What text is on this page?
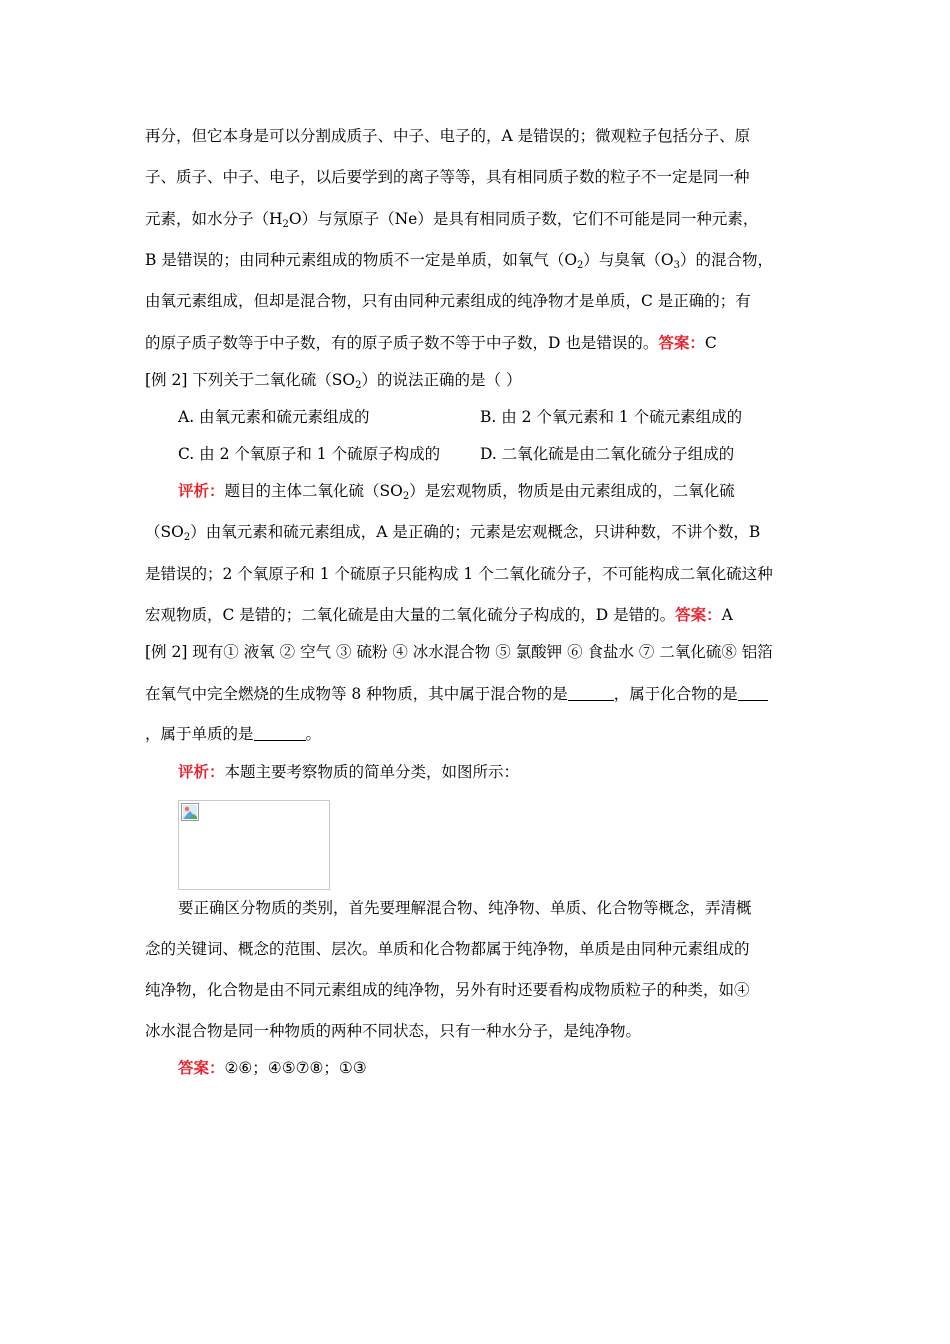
再分，但它本身是可以分割成质子、中子、电子的，A 是错误的；微观粒子包括分子、原
子、质子、中子、电子，以后要学到的离子等等，具有相同质子数的粒子不一定是同一种
元素，如水分子$(H_2O)$与氖原子（Ne）是具有相同质子数，它们不可能是同一种元素，
B 是错误的；由同种元素组成的物质不一定是单质，如氧气$(O_2)$与臭氧$(O_3)$的混合物，
由氧元素组成，但却是混合物，只有由同种元素组成的纯净物才是单质，C 是正确的；有
的原子质子数等于中子数，有的原子质子数不等于中子数，D 也是错误的。答案：C
[例 2] 下列关于二氧化硫$(SO_2)$的说法正确的是（ ）
A. 由氧元素和硫元素组成的	B. 由 2 个氧元素和 1 个硫元素组成的
C. 由 2 个氧原子和 1 个硫原子构成的	D. 二氧化硫是由二氧化硫分子组成的
评析：题目的主体二氧化硫$(SO_2)$是宏观物质，物质是由元素组成的，二氧化硫
$(SO_2)$由氧元素和硫元素组成，A 是正确的；元素是宏观概念，只讲种数，不讲个数，B
是错误的；2 个氧原子和 1 个硫原子只能构成 1 个二氧化硫分子，不可能构成二氧化硫这种
宏观物质，C 是错的；二氧化硫是由大量的二氧化硫分子构成的，D 是错的。答案：A
[例 2] 现有① 液氧 ② 空气 ③ 硫粉 ④ 冰水混合物 ⑤ 氯酸钾 ⑥ 食盐水 ⑦ 二氧化硫⑧ 铝箔
在氧气中完全燃烧的生成物等 8 种物质，其中属于混合物的是	，属于化合物的是
，属于单质的是	。
评析：本题主要考察物质的简单分类，如图所示：
要正确区分物质的类别，首先要理解混合物、纯净物、单质、化合物等概念，弄清概
念的关键词、概念的范围、层次。单质和化合物都属于纯净物，单质是由同种元素组成的
纯净物，化合物是由不同元素组成的纯净物，另外有时还要看构成物质粒子的种类，如④
冰水混合物是同一种物质的两种不同状态，只有一种水分子，是纯净物。
答案：②⑥；④⑤⑦⑧；①③
